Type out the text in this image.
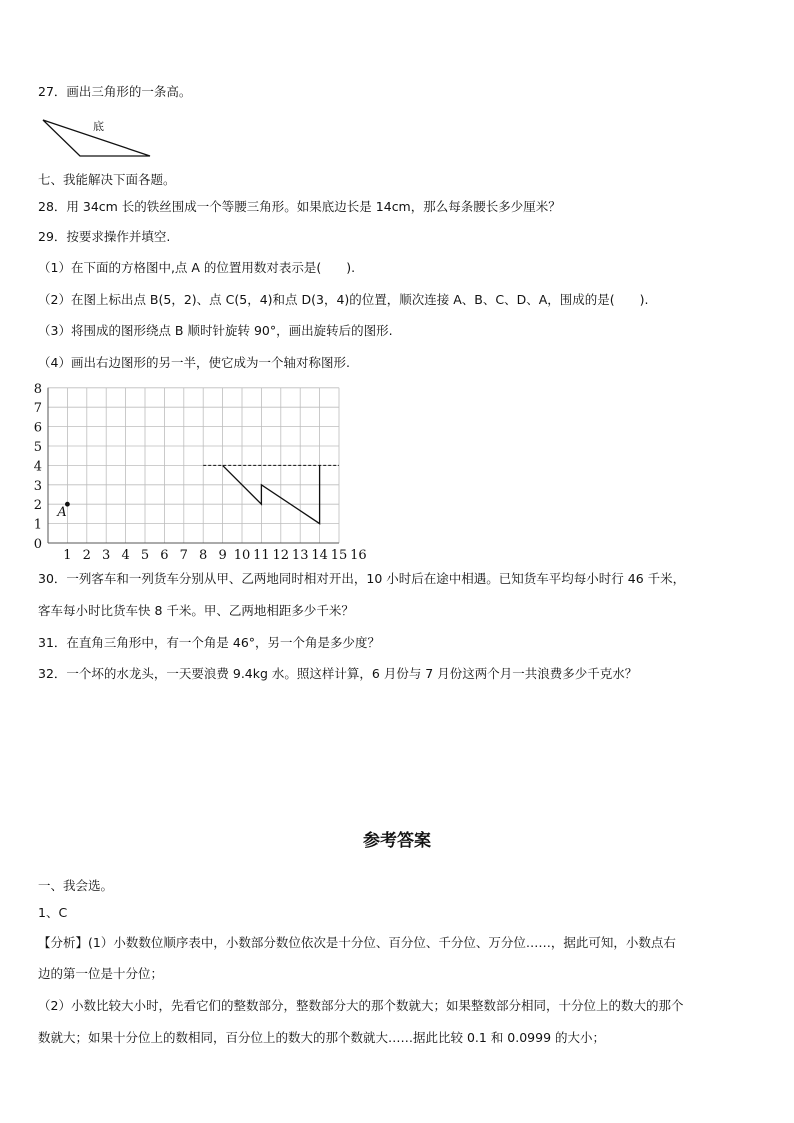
27．画出三角形的一条高。
底
七、我能解决下面各题。
28．用 34cm 长的铁丝围成一个等腰三角形。如果底边长是 14cm，那么每条腰长多少厘米？
29．按要求操作并填空.
（1）在下面的方格图中,点 A 的位置用数对表示是(　　).
（2）在图上标出点 B(5，2)、点 C(5，4)和点 D(3，4)的位置，顺次连接 A、B、C、D、A，围成的是(　　).
（3）将围成的图形绕点 B 顺时针旋转 90°，画出旋转后的图形.
（4）画出右边图形的另一半，使它成为一个轴对称图形.
1 2 3 4 5 6 7 8 9 10 11 12 13 14 15 16
0
1
2
3
4
5
6
7
8
A
30．一列客车和一列货车分别从甲、乙两地同时相对开出，10 小时后在途中相遇。已知货车平均每小时行 46 千米，
客车每小时比货车快 8 千米。甲、乙两地相距多少千米？
31．在直角三角形中，有一个角是 46°，另一个角是多少度？
32．一个坏的水龙头，一天要浪费 9.4kg 水。照这样计算，6 月份与 7 月份这两个月一共浪费多少千克水？
参考答案
一、我会选。
1、C
【分析】(1）小数数位顺序表中，小数部分数位依次是十分位、百分位、千分位、万分位……，据此可知，小数点右
边的第一位是十分位；
（2）小数比较大小时，先看它们的整数部分，整数部分大的那个数就大；如果整数部分相同，十分位上的数大的那个
数就大；如果十分位上的数相同，百分位上的数大的那个数就大……据此比较 0.1 和 0.0999 的大小；
